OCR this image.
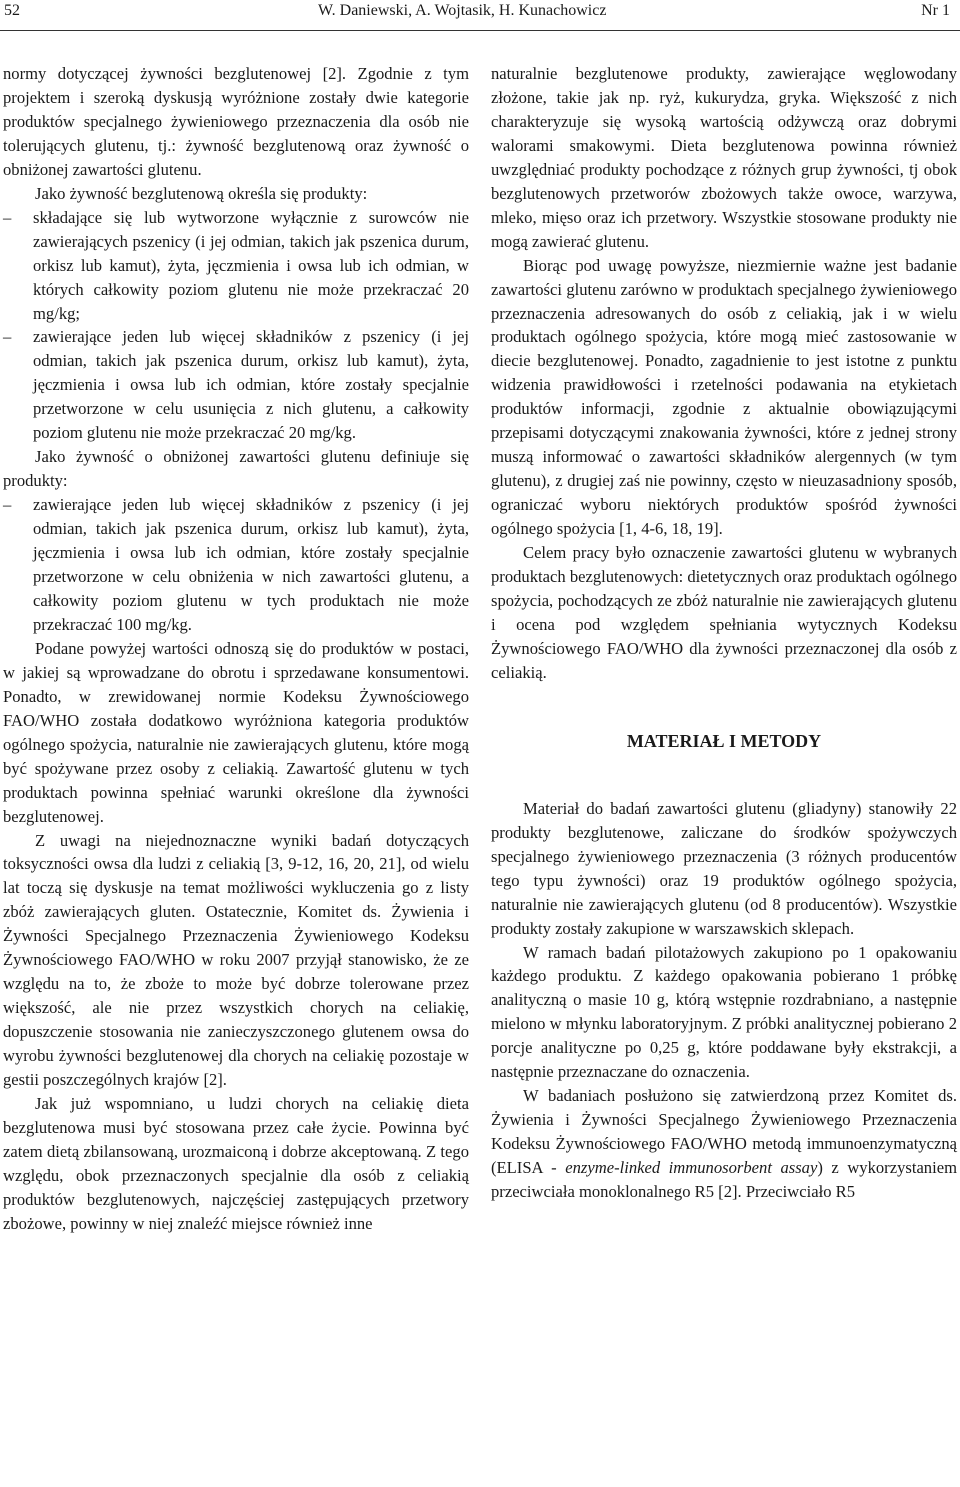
52	W. Daniewski, A. Wojtasik, H. Kunachowicz	Nr 1

normy dotyczącej żywności bezglutenowej [2]. Zgodnie z tym projektem i szeroką dyskusją wyróżnione zostały dwie kategorie produktów specjalnego żywieniowego przeznaczenia dla osób nie tolerujących glutenu, tj.: żywność bezglutenową oraz żywność o obniżonej zawartości glutenu.

Jako żywność bezglutenową określa się produkty:

– składające się lub wytworzone wyłącznie z surowców nie zawierających pszenicy (i jej odmian, takich jak pszenica durum, orkisz lub kamut), żyta, jęczmienia i owsa lub ich odmian, w których całkowity poziom glutenu nie może przekraczać 20 mg/kg;
– zawierające jeden lub więcej składników z pszenicy (i jej odmian, takich jak pszenica durum, orkisz lub kamut), żyta, jęczmienia i owsa lub ich odmian, które zostały specjalnie przetworzone w celu usunięcia z nich glutenu, a całkowity poziom glutenu nie może przekraczać 20 mg/kg.

Jako żywność o obniżonej zawartości glutenu definiuje się produkty:

– zawierające jeden lub więcej składników z pszenicy (i jej odmian, takich jak pszenica durum, orkisz lub kamut), żyta, jęczmienia i owsa lub ich odmian, które zostały specjalnie przetworzone w celu obniżenia w nich zawartości glutenu, a całkowity poziom glutenu w tych produktach nie może przekraczać 100 mg/kg.

Podane powyżej wartości odnoszą się do produktów w postaci, w jakiej są wprowadzane do obrotu i sprzedawane konsumentowi. Ponadto, w zrewidowanej normie Kodeksu Żywnościowego FAO/WHO została dodatkowo wyróżniona kategoria produktów ogólnego spożycia, naturalnie nie zawierających glutenu, które mogą być spożywane przez osoby z celiakią. Zawartość glutenu w tych produktach powinna spełniać warunki określone dla żywności bezglutenowej.

Z uwagi na niejednoznaczne wyniki badań dotyczących toksyczności owsa dla ludzi z celiakią [3, 9-12, 16, 20, 21], od wielu lat toczą się dyskusje na temat możliwości wykluczenia go z listy zbóż zawierających gluten. Ostatecznie, Komitet ds. Żywienia i Żywności Specjalnego Przeznaczenia Żywieniowego Kodeksu Żywnościowego FAO/WHO w roku 2007 przyjął stanowisko, że ze względu na to, że zboże to może być dobrze tolerowane przez większość, ale nie przez wszystkich chorych na celiakię, dopuszczenie stosowania nie zanieczyszczonego glutenem owsa do wyrobu żywności bezglutenowej dla chorych na celiakię pozostaje w gestii poszczególnych krajów [2].

Jak już wspomniano, u ludzi chorych na celiakię dieta bezglutenowa musi być stosowana przez całe życie. Powinna być zatem dietą zbilansowaną, urozmaiconą i dobrze akceptowaną. Z tego względu, obok przeznaczonych specjalnie dla osób z celiakią produktów bezglutenowych, najczęściej zastępujących przetwory zbożowe, powinny w niej znaleźć miejsce również inne

naturalnie bezglutenowe produkty, zawierające węglowodany złożone, takie jak np. ryż, kukurydza, gryka. Większość z nich charakteryzuje się wysoką wartością odżywczą oraz dobrymi walorami smakowymi. Dieta bezglutenowa powinna również uwzględniać produkty pochodzące z różnych grup żywności, tj obok bezglutenowych przetworów zbożowych także owoce, warzywa, mleko, mięso oraz ich przetwory. Wszystkie stosowane produkty nie mogą zawierać glutenu.

Biorąc pod uwagę powyższe, niezmiernie ważne jest badanie zawartości glutenu zarówno w produktach specjalnego żywieniowego przeznaczenia adresowanych do osób z celiakią, jak i w wielu produktach ogólnego spożycia, które mogą mieć zastosowanie w diecie bezglutenowej. Ponadto, zagadnienie to jest istotne z punktu widzenia prawidłowości i rzetelności podawania na etykietach produktów informacji, zgodnie z aktualnie obowiązującymi przepisami dotyczącymi znakowania żywności, które z jednej strony muszą informować o zawartości składników alergennych (w tym glutenu), z drugiej zaś nie powinny, często w nieuzasadniony sposób, ograniczać wyboru niektórych produktów spośród żywności ogólnego spożycia [1, 4-6, 18, 19].

Celem pracy było oznaczenie zawartości glutenu w wybranych produktach bezglutenowych: dietetycznych oraz produktach ogólnego spożycia, pochodzących ze zbóż naturalnie nie zawierających glutenu i ocena pod względem spełniania wytycznych Kodeksu Żywnościowego FAO/WHO dla żywności przeznaczonej dla osób z celiakią.

MATERIAŁ I METODY

Materiał do badań zawartości glutenu (gliadyny) stanowiły 22 produkty bezglutenowe, zaliczane do środków spożywczych specjalnego żywieniowego przeznaczenia (3 różnych producentów tego typu żywności) oraz 19 produktów ogólnego spożycia, naturalnie nie zawierających glutenu (od 8 producentów). Wszystkie produkty zostały zakupione w warszawskich sklepach.

W ramach badań pilotażowych zakupiono po 1 opakowaniu każdego produktu. Z każdego opakowania pobierano 1 próbkę analityczną o masie 10 g, którą wstępnie rozdrabniano, a następnie mielono w młynku laboratoryjnym. Z próbki analitycznej pobierano 2 porcje analityczne po 0,25 g, które poddawane były ekstrakcji, a następnie przeznaczane do oznaczenia.

W badaniach posłużono się zatwierdzoną przez Komitet ds. Żywienia i Żywności Specjalnego Żywieniowego Przeznaczenia Kodeksu Żywnościowego FAO/WHO metodą immunoenzymatyczną (ELISA - enzyme-linked immunosorbent assay) z wykorzystaniem przeciwciała monoklonalnego R5 [2]. Przeciwciało R5
